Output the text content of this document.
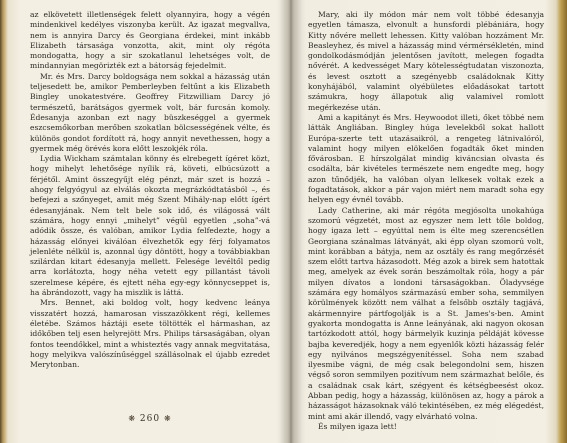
az elkövetett illetlenségek felett olyannyira, hogy a végén mindenkivel kedélyes viszonyba került. Az igazat megvallva, nem is annyira Darcy és Georgiana érdekei, mint inkább Elizabeth társasága vonzotta, akit, mint oly régóta mondogatta, hogy a sir szokatlanul lehetséges volt, de mindannyian megörizték ezt a bátorság fejedelmit.

Mr. és Mrs. Darcy boldogsága nem sokkal a házasság után teljesedett be, amikor Pemberleyben feltűnt a kis Elizabeth Bingley unokatestvére. Geoffrey Fitzwilliam Darcy jó természetű, barátságos gyermek volt, bár furcsán komoly. Édesanyja azonban ezt nagy büszkeséggel a gyermek eszcsemőkorban merőben szokatlan bölcsességének vélte, és különös gondot fordított rá, hogy annyit nevethessen, hogy a gyermek még örévés kora előtt leszokjék róla.

Lydia Wickham számtalan könny és elrebegett ígéret közt, hogy mihelyt lehetősége nyílik rá, követi, elbúcsúzott a férjétől. Amint összegyűjt elég pénzt, már szet is hozzá – ahogy felgyógyul az elválás okozta megrázkódtatásból –, és befejezi a szőnyeget, amit még Szent Mihály-nap előtt ígért édesanyjának. Nem telt bele sok idő, és világossá vált számára, hogy ennyi „mihelyt” végül egyetlen „soha”-vá adódik össze, és valóban, amikor Lydia felfedezte, hogy a házasság előnyei kiválóan élvezhetők egy férj folyamatos jelenléte nélkül is, azonnal úgy döntött, hogy a továbbiakban szilárdan kitart édesanyja mellett. Felesége levéltől pedig arra korlátozta, hogy néha vetett egy pillantást távoli szerelmese képére, és ejtett néha egy-egy könnycseppet is, ha ábrándozott, vagy ha miszlik is láttá.

Mrs. Bennet, aki boldog volt, hogy kedvenc leánya visszatért hozzá, hamarosan visszazökkent régi, kellemes életébe. Számos háztáji esete töltötték el hármashan, az időkőben telj esen helyrejött Mrs. Philips társaságában, olyan fontos teendőkkel, mint a whisteztés vagy annak megvitatása, hogy melyikva valószínűséggel szállásolnak el újabb ezredet Merytonban.

❋ 260 ❋

Mary, aki ily módon már nem volt többé édesanyja egyetlen támasza, elvonult a hunsfordi plébániára, hogy Kitty nővére mellett lehessen. Kitty valóban hozzáment Mr. Beasleyhez, és mivel a házasság mind vérmérsékletén, mind gondolkodásmódján jelentősen javított, melegen fogadta nővérét. A kedvességet Mary kötelességtudatan viszonozta, és levest osztott a szegényebb családoknak Kitty konyhájából, valamint olyébületes előadásokat tartott számukra, hogy állapotuk alig valamivel romlott megérkezése után.

Ami a kapitányt és Mrs. Heywoodot illeti, őket többé nem látták Angliában. Bingley húga levelekből sokat hallott Európa-szerte tett utazásaikról, a rengeteg látnivalóról, valamint hogy milyen elökelően fogadták őket minden fővárosban. E hírszolgálat mindig kiváncsian olvasta és csodálta, bár kivételes természete nem engedte meg, hogy azon tűnődjék, ha valóban olyan lelkesek voltak ezek a fogadtatások, akkor a pár vajon miért nem maradt soha egy helyen egy évnél tovább.

Lady Catherine, aki már régóta megjósolta unokahúga szomorú végzetét, most az egyszer nem lett tőle boldog, hogy igaza lett – egyúttal nem is élte meg szerencsétlen Georgiana szánalmas látványát, aki épp olyan szomorú volt, mint korábban a bátyja, nem az osztály és rang megőrzését szem előtt tartva házasodott. Még azok a birek sem hatottak meg, amelyek az évek során beszámoltak róla, hogy a pár milyen dívatos a londoni társaságokban. Öladyvsége számára egy homályos származású ember soha, semmilyen körülmények között nem válhat a felsőbb osztály tagjává, akármennyire pártfogolják is a St. James's-ben. Amint gyakorta mondogatta is Anne leányának, aki nagyon okosan tartózkodott attól, hogy bármelyik kuzinja példáját kövesse bajba keveredjék, hogy a nem egyenlők közti házasság felér egy nyilvános megszégyenítéssel. Soha nem szabad ilyesmibe vágni, de még csak belegondolni sem, hiszen végső soron semmilyen pozitívum nem származhat belőle, és a családnak csak kárt, szégyent és kétségbeesést okoz. Abban pedig, hogy a házasság, különösen az, hogy a párok a házasságot házasoknak váló tekintésében, ez még elégedést, mint ami akár illendő, vagy elvárható volna.

És milyen igaza lett!
